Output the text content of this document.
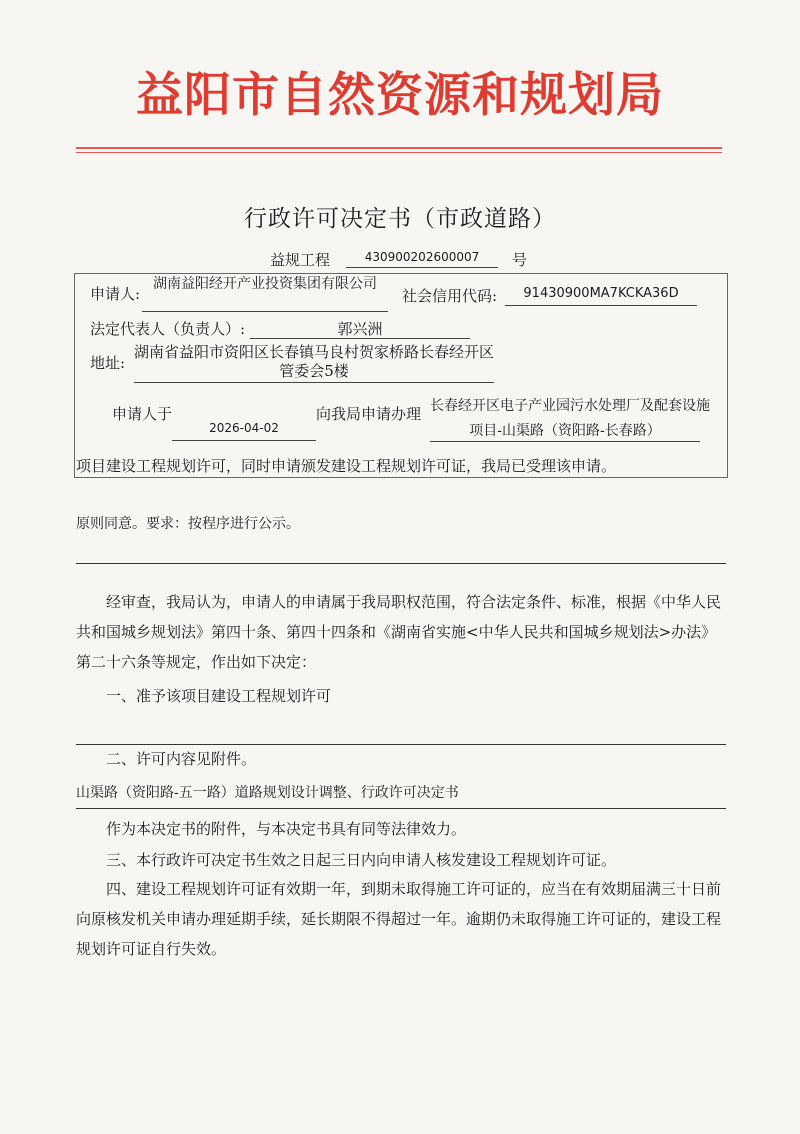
益阳市自然资源和规划局
行政许可决定书（市政道路）
益规工程	430900202600007	号
申请人:
湖南益阳经开产业投资集团有限公司
社会信用代码:	91430900MA7KCKA36D
法定代表人（负责人）:	郭兴洲
地址:
湖南省益阳市资阳区长春镇马良村贺家桥路长春经开区管委会5楼
申请人于
2026-04-02
向我局申请办理 长春经开区电子产业园污水处理厂及配套设施
项目-山渠路（资阳路-长春路）
项目建设工程规划许可，同时申请颁发建设工程规划许可证，我局已受理该申请。
原则同意。要求：按程序进行公示。
经审查，我局认为，申请人的申请属于我局职权范围，符合法定条件、标准，根据《中华人民共和国城乡规划法》第四十条、第四十四条和《湖南省实施<中华人民共和国城乡规划法>办法》第二十六条等规定，作出如下决定：
一、准予该项目建设工程规划许可
二、许可内容见附件。
山渠路（资阳路-五一路）道路规划设计调整、行政许可决定书
作为本决定书的附件，与本决定书具有同等法律效力。
三、本行政许可决定书生效之日起三日内向申请人核发建设工程规划许可证。
四、建设工程规划许可证有效期一年，到期未取得施工许可证的，应当在有效期届满三十日前向原核发机关申请办理延期手续，延长期限不得超过一年。逾期仍未取得施工许可证的，建设工程规划许可证自行失效。
